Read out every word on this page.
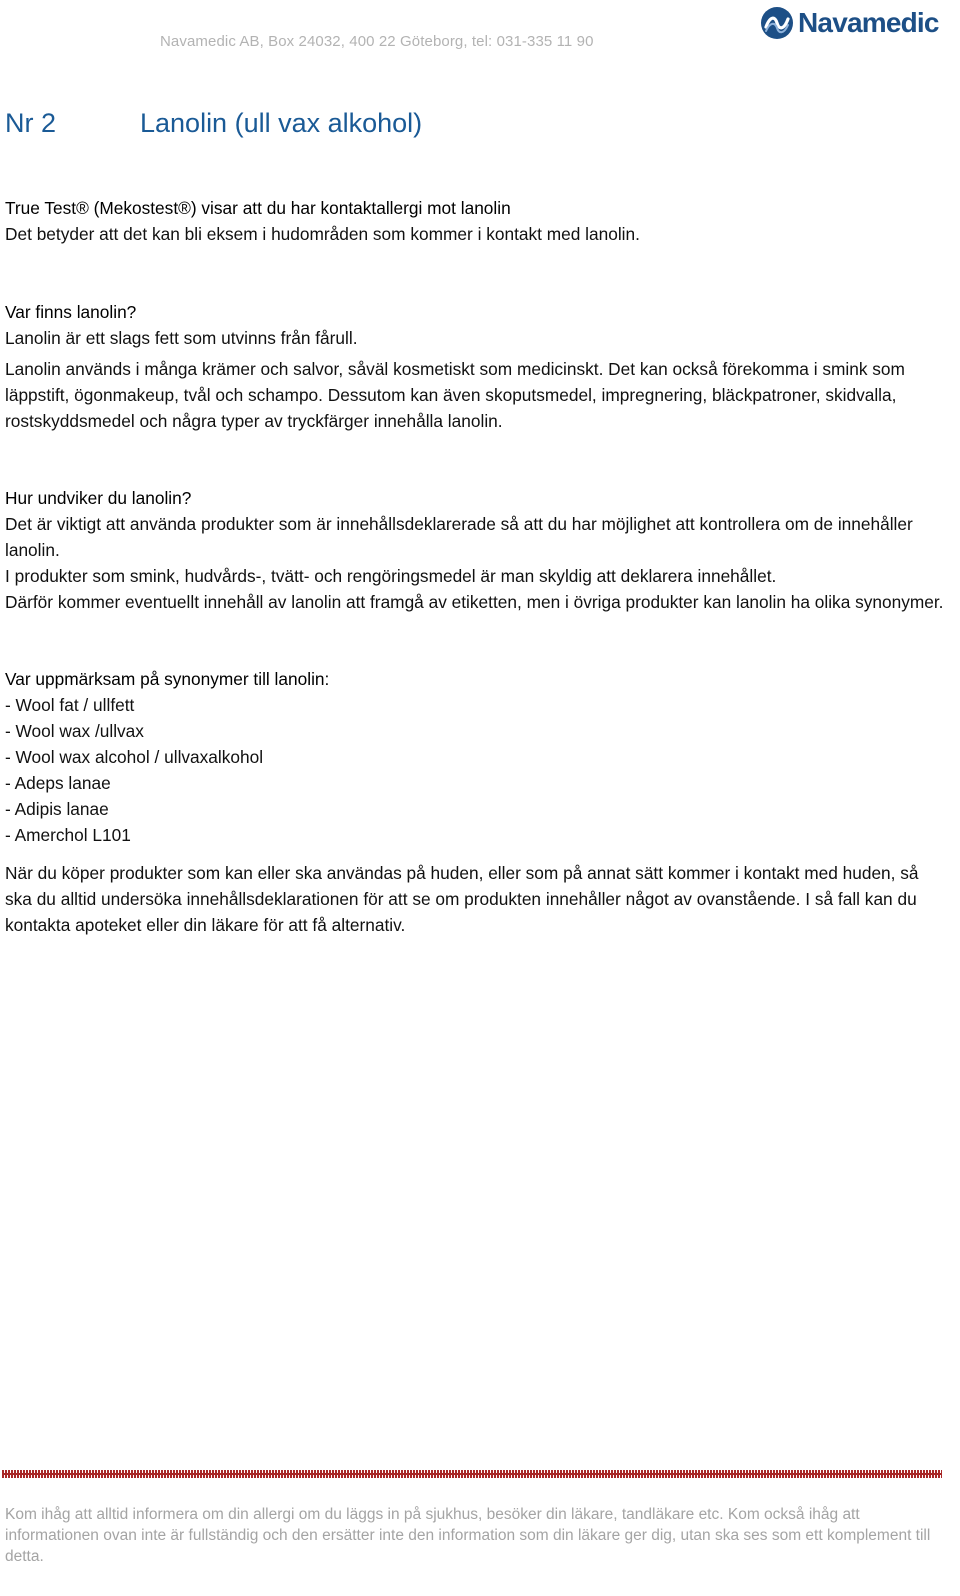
Navamedic AB, Box 24032, 400 22 Göteborg, tel: 031-335 11 90
Navamedic
Nr 2	Lanolin (ull vax alkohol)

True Test® (Mekostest®) visar att du har kontaktallergi mot lanolin

Det betyder att det kan bli eksem i hudområden som kommer i kontakt med lanolin.

Var finns lanolin?

Lanolin är ett slags fett som utvinns från fårull.

Lanolin används i många krämer och salvor, såväl kosmetiskt som medicinskt. Det kan också förekomma i smink som läppstift, ögonmakeup, tvål och schampo. Dessutom kan även skoputsmedel, impregnering, bläckpatroner, skidvalla, rostskyddsmedel och några typer av tryckfärger innehålla lanolin.

Hur undviker du lanolin?

Det är viktigt att använda produkter som är innehållsdeklarerade så att du har möjlighet att kontrollera om de innehåller lanolin.

I produkter som smink, hudvårds-, tvätt- och rengöringsmedel är man skyldig att deklarera innehållet.

Därför kommer eventuellt innehåll av lanolin att framgå av etiketten, men i övriga produkter kan lanolin ha olika synonymer.

Var uppmärksam på synonymer till lanolin:

- Wool fat / ullfett
- Wool wax /ullvax
- Wool wax alcohol / ullvaxalkohol
- Adeps lanae
- Adipis lanae
- Amerchol L101

När du köper produkter som kan eller ska användas på huden, eller som på annat sätt kommer i kontakt med huden, så ska du alltid undersöka innehållsdeklarationen för att se om produkten innehåller något av ovanstående. I så fall kan du kontakta apoteket eller din läkare för att få alternativ.

Kom ihåg att alltid informera om din allergi om du läggs in på sjukhus, besöker din läkare, tandläkare etc. Kom också ihåg att informationen ovan inte är fullständig och den ersätter inte den information som din läkare ger dig, utan ska ses som ett komplement till detta.
